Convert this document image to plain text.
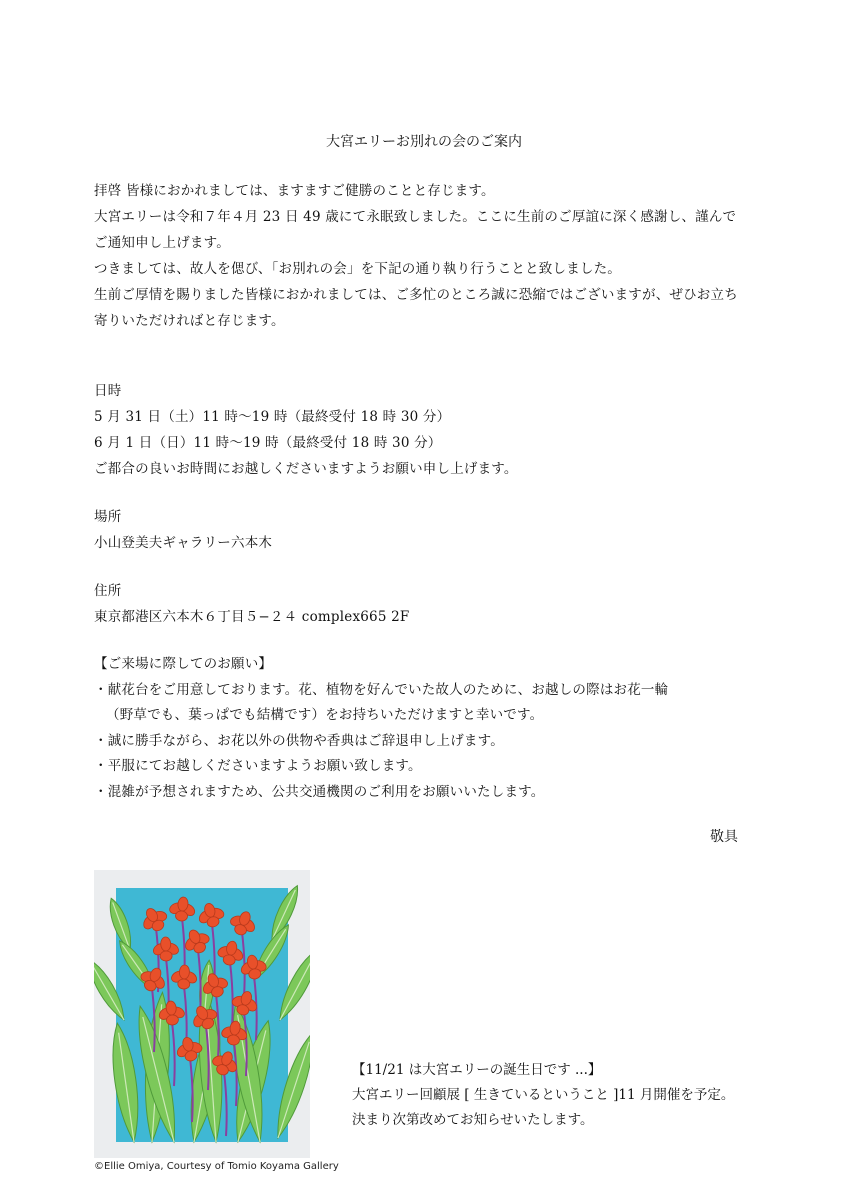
大宮エリーお別れの会のご案内

拝啓 皆様におかれましては、ますますご健勝のことと存じます。

大宮エリーは令和７年４月 23 日 49 歳にて永眠致しました。ここに生前のご厚誼に深く感謝し、謹んで

ご通知申し上げます。

つきましては、故人を偲び、「お別れの会」を下記の通り執り行うことと致しました。

生前ご厚情を賜りました皆様におかれましては、ご多忙のところ誠に恐縮ではございますが、ぜひお立ち

寄りいただければと存じます。

日時

5 月 31 日（土）11 時〜19 時（最終受付 18 時 30 分）

6 月 1 日（日）11 時〜19 時（最終受付 18 時 30 分）

ご都合の良いお時間にお越しくださいますようお願い申し上げます。

場所

小山登美夫ギャラリー六本木

住所

東京都港区六本木６丁目５−２４ complex665 2F

【ご来場に際してのお願い】

・献花台をご用意しております。花、植物を好んでいた故人のために、お越しの際はお花一輪

（野草でも、葉っぱでも結構です）をお持ちいただけますと幸いです。

・誠に勝手ながら、お花以外の供物や香典はご辞退申し上げます。

・平服にてお越しくださいますようお願い致します。

・混雑が予想されますため、公共交通機関のご利用をお願いいたします。

敬具
©Ellie Omiya, Courtesy of Tomio Koyama Gallery

【11/21 は大宮エリーの誕生日です ...】

大宮エリー回顧展 [ 生きているということ ]11 月開催を予定。

決まり次第改めてお知らせいたします。
